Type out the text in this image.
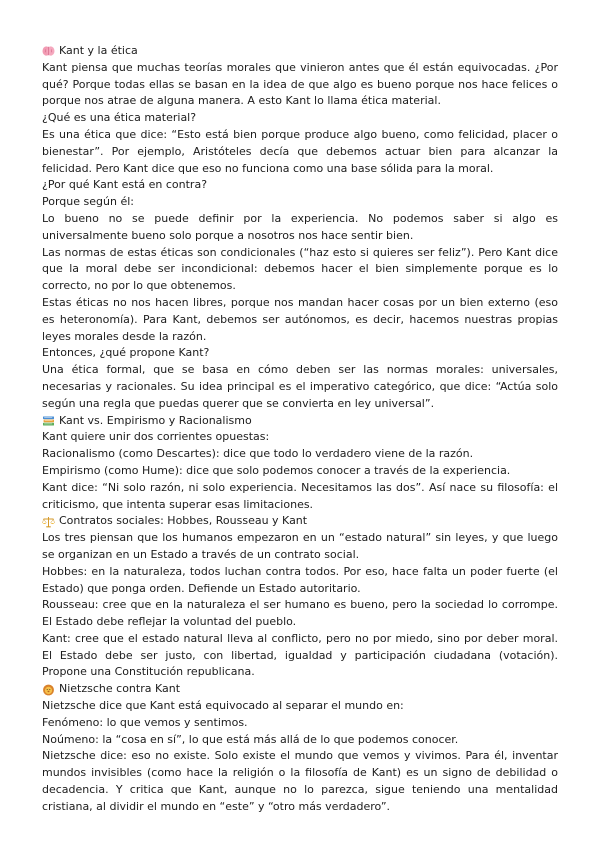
Kant y la ética

Kant piensa que muchas teorías morales que vinieron antes que él están equivocadas. ¿Por qué? Porque todas ellas se basan en la idea de que algo es bueno porque nos hace felices o porque nos atrae de alguna manera. A esto Kant lo llama ética material.

¿Qué es una ética material?

Es una ética que dice: “Esto está bien porque produce algo bueno, como felicidad, placer o bienestar”. Por ejemplo, Aristóteles decía que debemos actuar bien para alcanzar la felicidad. Pero Kant dice que eso no funciona como una base sólida para la moral.

¿Por qué Kant está en contra?

Porque según él:

Lo bueno no se puede definir por la experiencia. No podemos saber si algo es universalmente bueno solo porque a nosotros nos hace sentir bien.

Las normas de estas éticas son condicionales (“haz esto si quieres ser feliz”). Pero Kant dice que la moral debe ser incondicional: debemos hacer el bien simplemente porque es lo correcto, no por lo que obtenemos.

Estas éticas no nos hacen libres, porque nos mandan hacer cosas por un bien externo (eso es heteronomía). Para Kant, debemos ser autónomos, es decir, hacemos nuestras propias leyes morales desde la razón.

Entonces, ¿qué propone Kant?

Una ética formal, que se basa en cómo deben ser las normas morales: universales, necesarias y racionales. Su idea principal es el imperativo categórico, que dice: “Actúa solo según una regla que puedas querer que se convierta en ley universal”.

Kant vs. Empirismo y Racionalismo

Kant quiere unir dos corrientes opuestas:

Racionalismo (como Descartes): dice que todo lo verdadero viene de la razón.

Empirismo (como Hume): dice que solo podemos conocer a través de la experiencia.

Kant dice: “Ni solo razón, ni solo experiencia. Necesitamos las dos”. Así nace su filosofía: el criticismo, que intenta superar esas limitaciones.

Contratos sociales: Hobbes, Rousseau y Kant

Los tres piensan que los humanos empezaron en un “estado natural” sin leyes, y que luego se organizan en un Estado a través de un contrato social.

Hobbes: en la naturaleza, todos luchan contra todos. Por eso, hace falta un poder fuerte (el Estado) que ponga orden. Defiende un Estado autoritario.

Rousseau: cree que en la naturaleza el ser humano es bueno, pero la sociedad lo corrompe. El Estado debe reflejar la voluntad del pueblo.

Kant: cree que el estado natural lleva al conflicto, pero no por miedo, sino por deber moral. El Estado debe ser justo, con libertad, igualdad y participación ciudadana (votación). Propone una Constitución republicana.

Nietzsche contra Kant

Nietzsche dice que Kant está equivocado al separar el mundo en:

Fenómeno: lo que vemos y sentimos.

Noúmeno: la “cosa en sí”, lo que está más allá de lo que podemos conocer.

Nietzsche dice: eso no existe. Solo existe el mundo que vemos y vivimos. Para él, inventar mundos invisibles (como hace la religión o la filosofía de Kant) es un signo de debilidad o decadencia. Y critica que Kant, aunque no lo parezca, sigue teniendo una mentalidad cristiana, al dividir el mundo en “este” y “otro más verdadero”.
